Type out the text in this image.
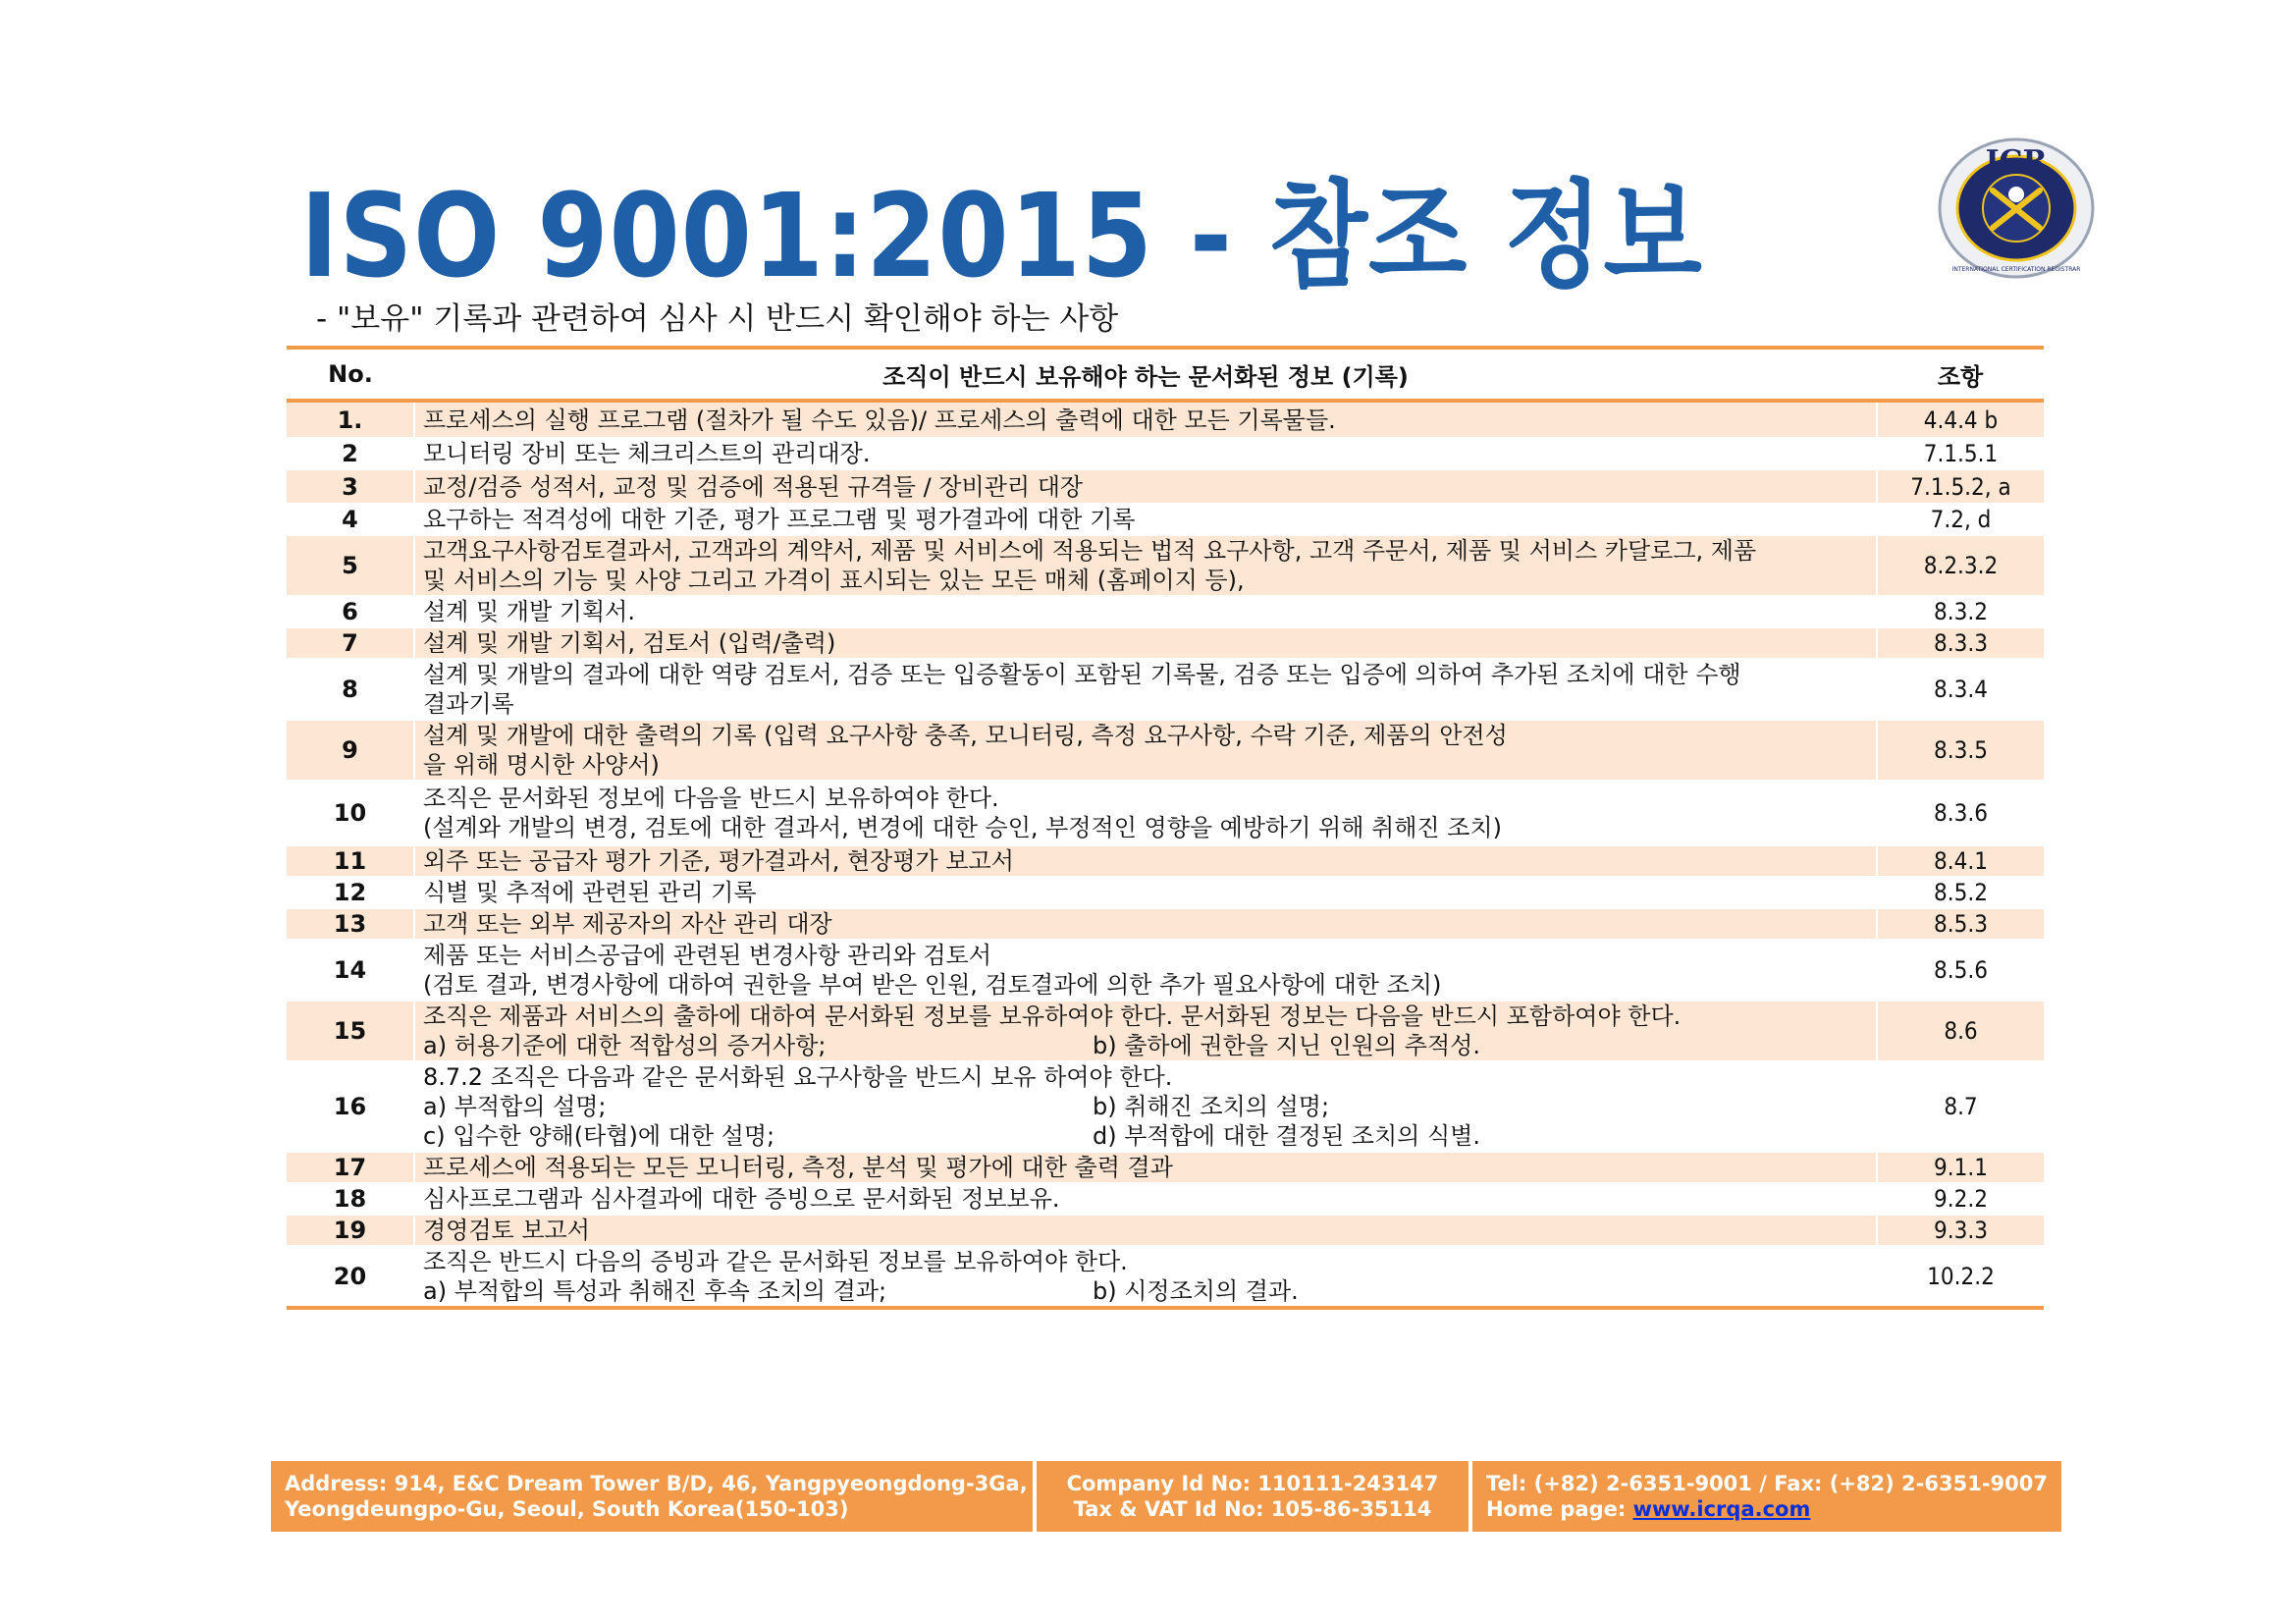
ISO 9001:2015 - 참조 정보
- "보유" 기록과 관련하여 심사 시 반드시 확인해야 하는 사항
ICR
INTERNATIONAL CERTIFICATION REGISTRAR
No.	조직이 반드시 보유해야 하는 문서화된 정보 (기록)	조항
1.	프로세스의 실행 프로그램 (절차가 될 수도 있음)/ 프로세스의 출력에 대한 모든 기록물들.	4.4.4 b
2	모니터링 장비 또는 체크리스트의 관리대장.	7.1.5.1
3	교정/검증 성적서, 교정 및 검증에 적용된 규격들 / 장비관리 대장	7.1.5.2, a
4	요구하는 적격성에 대한 기준, 평가 프로그램 및 평가결과에 대한 기록	7.2, d
5	고객요구사항검토결과서, 고객과의 계약서, 제품 및 서비스에 적용되는 법적 요구사항, 고객 주문서, 제품 및 서비스 카달로그, 제품
및 서비스의 기능 및 사양 그리고 가격이 표시되는 있는 모든 매체 (홈페이지 등),	8.2.3.2
6	설계 및 개발 기획서.	8.3.2
7	설계 및 개발 기획서, 검토서 (입력/출력)	8.3.3
8	설계 및 개발의 결과에 대한 역량 검토서, 검증 또는 입증활동이 포함된 기록물, 검증 또는 입증에 의하여 추가된 조치에 대한 수행
결과기록	8.3.4
9	설계 및 개발에 대한 출력의 기록 (입력 요구사항 충족, 모니터링, 측정 요구사항, 수락 기준, 제품의 안전성
을 위해 명시한 사양서)	8.3.5
10	조직은 문서화된 정보에 다음을 반드시 보유하여야 한다.
(설계와 개발의 변경, 검토에 대한 결과서, 변경에 대한 승인, 부정적인 영향을 예방하기 위해 취해진 조치)	8.3.6
11	외주 또는 공급자 평가 기준, 평가결과서, 현장평가 보고서	8.4.1
12	식별 및 추적에 관련된 관리 기록	8.5.2
13	고객 또는 외부 제공자의 자산 관리 대장	8.5.3
14	제품 또는 서비스공급에 관련된 변경사항 관리와 검토서
(검토 결과, 변경사항에 대하여 권한을 부여 받은 인원, 검토결과에 의한 추가 필요사항에 대한 조치)	8.5.6
15	조직은 제품과 서비스의 출하에 대하여 문서화된 정보를 보유하여야 한다. 문서화된 정보는 다음을 반드시 포함하여야 한다.
a) 허용기준에 대한 적합성의 증거사항; b) 출하에 권한을 지닌 인원의 추적성.	8.6
16	8.7.2 조직은 다음과 같은 문서화된 요구사항을 반드시 보유 하여야 한다.
a) 부적합의 설명; b) 취해진 조치의 설명;
c) 입수한 양해(타협)에 대한 설명; d) 부적합에 대한 결정된 조치의 식별.	8.7
17	프로세스에 적용되는 모든 모니터링, 측정, 분석 및 평가에 대한 출력 결과	9.1.1
18	심사프로그램과 심사결과에 대한 증빙으로 문서화된 정보보유.	9.2.2
19	경영검토 보고서	9.3.3
20	조직은 반드시 다음의 증빙과 같은 문서화된 정보를 보유하여야 한다.
a) 부적합의 특성과 취해진 후속 조치의 결과; b) 시정조치의 결과.	10.2.2
Address: 914, E&C Dream Tower B/D, 46, Yangpyeongdong-3Ga,
Yeongdeungpo-Gu, Seoul, South Korea(150-103)
Company Id No: 110111-243147
Tax & VAT Id No: 105-86-35114
Tel: (+82) 2-6351-9001 / Fax: (+82) 2-6351-9007
Home page: www.icrqa.com
